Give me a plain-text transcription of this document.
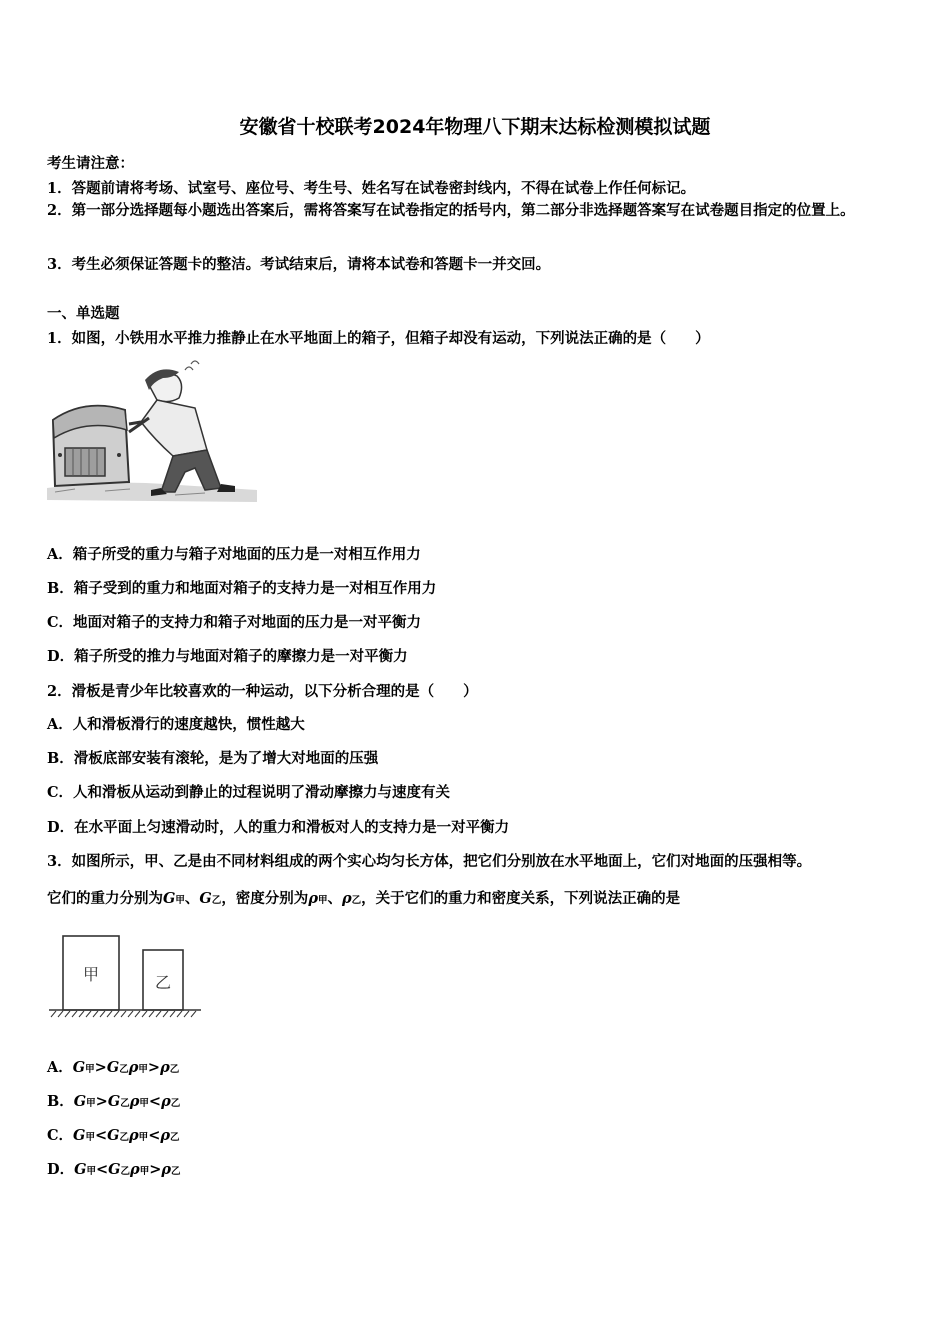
安徽省十校联考2024年物理八下期末达标检测模拟试题
考生请注意：
1．答题前请将考场、试室号、座位号、考生号、姓名写在试卷密封线内，不得在试卷上作任何标记。
2．第一部分选择题每小题选出答案后，需将答案写在试卷指定的括号内，第二部分非选择题答案写在试卷题目指定的位置上。
3．考生必须保证答题卡的整洁。考试结束后，请将本试卷和答题卡一并交回。
一、单选题
1．如图，小铁用水平推力推静止在水平地面上的箱子，但箱子却没有运动，下列说法正确的是（　　）
A．箱子所受的重力与箱子对地面的压力是一对相互作用力
B．箱子受到的重力和地面对箱子的支持力是一对相互作用力
C．地面对箱子的支持力和箱子对地面的压力是一对平衡力
D．箱子所受的推力与地面对箱子的摩擦力是一对平衡力
2．滑板是青少年比较喜欢的一种运动，以下分析合理的是（　　）
A．人和滑板滑行的速度越快，惯性越大
B．滑板底部安装有滚轮，是为了增大对地面的压强
C．人和滑板从运动到静止的过程说明了滑动摩擦力与速度有关
D．在水平面上匀速滑动时，人的重力和滑板对人的支持力是一对平衡力
3．如图所示，甲、乙是由不同材料组成的两个实心均匀长方体，把它们分别放在水平地面上，它们对地面的压强相等。
它们的重力分别为G甲、G乙，密度分别为ρ甲、ρ乙，关于它们的重力和密度关系，下列说法正确的是
甲	乙
A．G甲>G乙ρ甲>ρ乙
B．G甲>G乙ρ甲<ρ乙
C．G甲<G乙ρ甲<ρ乙
D．G甲<G乙ρ甲>ρ乙
